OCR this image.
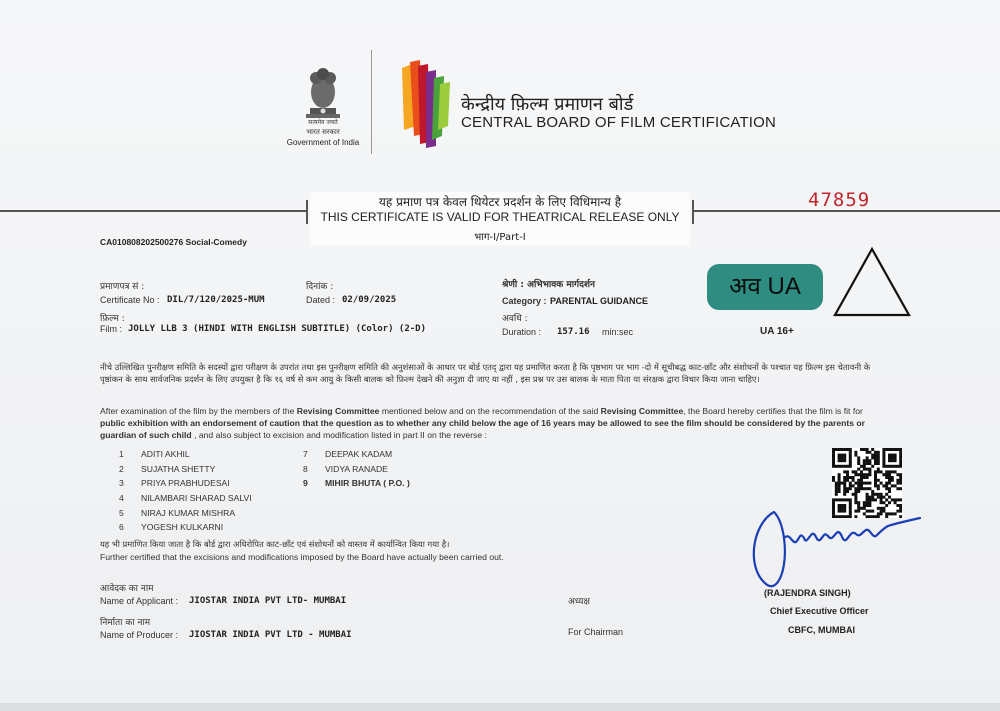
सत्यमेव जयते
भारत सरकार
Government of India
केन्द्रीय फ़िल्म प्रमाणन बोर्ड
CENTRAL BOARD OF FILM CERTIFICATION
यह प्रमाण पत्र केवल थियेटर प्रदर्शन के लिए विधिमान्य है
THIS CERTIFICATE IS VALID FOR THEATRICAL RELEASE ONLY
भाग-I/Part-I
47859
CA010808202500276 Social-Comedy
प्रमाणपत्र सं :
Certificate No : DIL/7/120/2025-MUM
दिनांक :
Dated : 02/09/2025
श्रेणी : अभिभावक मार्गदर्शन
Category : PARENTAL GUIDANCE
फ़िल्म :
Film : JOLLY LLB 3 (HINDI WITH ENGLISH SUBTITLE) (Color) (2-D)
अवधि :
Duration : 157.16 min:sec
अव UA
UA 16+
नीचे उल्लिखित पुनरीक्षण समिति के सदस्यों द्वारा परीक्षण के उपरांत तथा इस पुनरीक्षण समिति की अनुशंसाओं के आधार पर बोर्ड एतद् द्वारा यह प्रमाणित करता है कि पृष्ठभाग पर भाग -दो में सूचीबद्ध काट-छाँट और संशोधनों के पश्चात यह फ़िल्म इस चेतावनी के पृष्ठांकन के साथ सार्वजनिक प्रदर्शन के लिए उपयुक्त है कि १६ वर्ष से कम आयु के किसी बालक को फ़िल्म देखने की अनुज्ञा दी जाए या नहीं , इस प्रश्न पर उस बालक के माता पिता या संरक्षक द्वारा विचार किया जाना चाहिए।
After examination of the film by the members of the Revising Committee mentioned below and on the recommendation of the said Revising Committee, the Board hereby certifies that the film is fit for public exhibition with an endorsement of caution that the question as to whether any child below the age of 16 years may be allowed to see the film should be considered by the parents or guardian of such child , and also subject to excision and modification listed in part II on the reverse :
1 ADITI AKHIL
2 SUJATHA SHETTY
3 PRIYA PRABHUDESAI
4 NILAMBARI SHARAD SALVI
5 NIRAJ KUMAR MISHRA
6 YOGESH KULKARNI
7 DEEPAK KADAM
8 VIDYA RANADE
9 MIHIR BHUTA ( P.O. )
यह भी प्रमाणित किया जाता है कि बोर्ड द्वारा अधिरोपित काट-छाँट एवं संशोधनों को वास्तव में कार्यान्वित किया गया है।
Further certified that the excisions and modifications imposed by the Board have actually been carried out.
आवेदक का नाम
Name of Applicant : JIOSTAR INDIA PVT LTD- MUMBAI
निर्माता का नाम
Name of Producer : JIOSTAR INDIA PVT LTD - MUMBAI
अध्यक्ष
For Chairman
(RAJENDRA SINGH)
Chief Executive Officer
CBFC, MUMBAI
